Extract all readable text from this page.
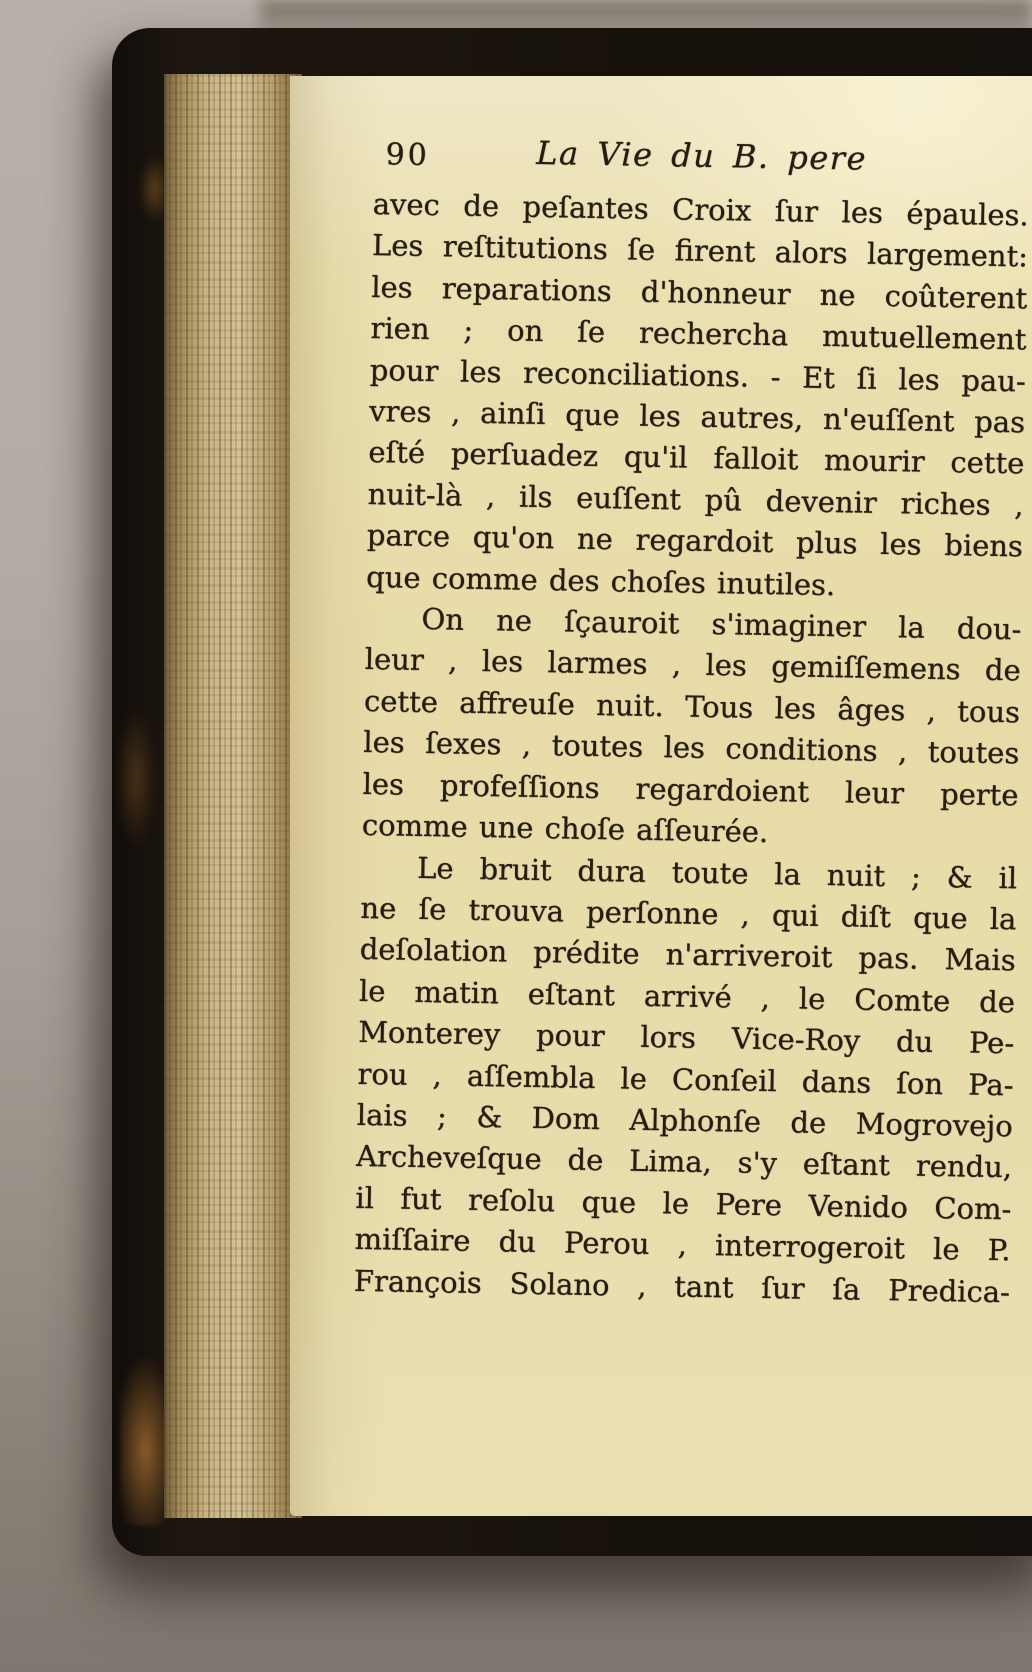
90	La Vie du B. pere
avec de peſantes Croix ſur les épaules.
Les reſtitutions ſe firent alors largement:
les reparations d'honneur ne coûterent
rien ; on ſe rechercha mutuellement
pour les reconciliations. - Et ſi les pau-
vres , ainſi que les autres, n'euſſent pas
eſté perſuadez qu'il falloit mourir cette
nuit-là , ils euſſent pû devenir riches ,
parce qu'on ne regardoit plus les biens
que comme des choſes inutiles.
On ne ſçauroit s'imaginer la dou-
leur , les larmes , les gemiſſemens de
cette affreuſe nuit. Tous les âges , tous
les ſexes , toutes les conditions , toutes
les profeſſions regardoient leur perte
comme une choſe aſſeurée.
Le bruit dura toute la nuit ; & il
ne ſe trouva perſonne , qui diſt que la
deſolation prédite n'arriveroit pas. Mais
le matin eſtant arrivé , le Comte de
Monterey pour lors Vice-Roy du Pe-
rou , aſſembla le Conſeil dans ſon Pa-
lais ; & Dom Alphonſe de Mogrovejo
Archeveſque de Lima, s'y eſtant rendu,
il fut reſolu que le Pere Venido Com-
miſſaire du Perou , interrogeroit le P.
François Solano , tant ſur ſa Predica-
